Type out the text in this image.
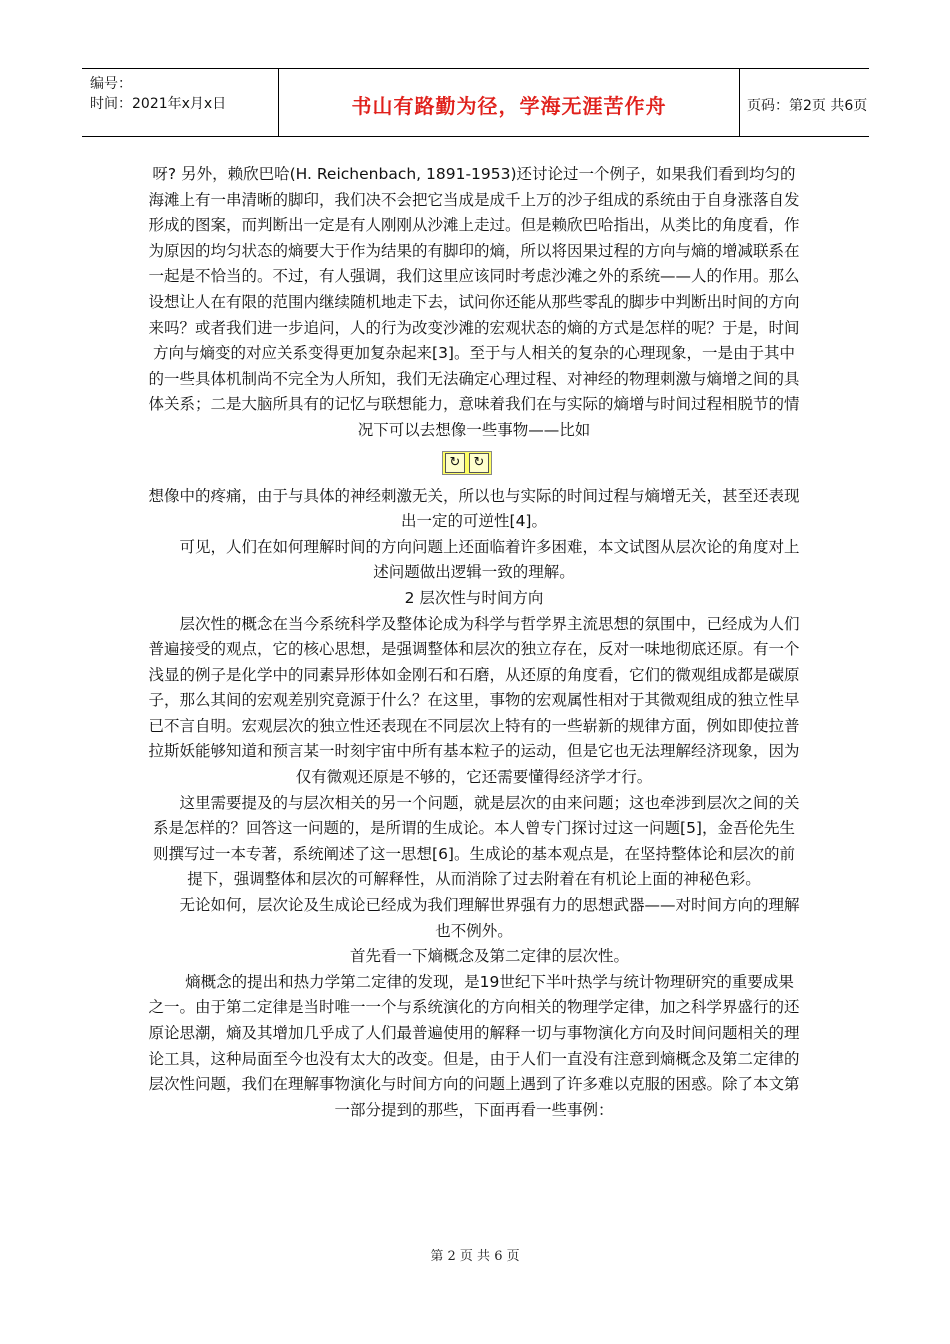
编号：
时间：2021年x月x日	书山有路勤为径，学海无涯苦作舟	页码：第2页 共6页

呀? 另外，赖欣巴哈(H. Reichenbach, 1891-1953)还讨论过一个例子，如果我们看到均匀的海滩上有一串清晰的脚印，我们决不会把它当成是成千上万的沙子组成的系统由于自身涨落自发形成的图案，而判断出一定是有人刚刚从沙滩上走过。但是赖欣巴哈指出，从类比的角度看，作为原因的均匀状态的熵要大于作为结果的有脚印的熵，所以将因果过程的方向与熵的增减联系在一起是不恰当的。不过，有人强调，我们这里应该同时考虑沙滩之外的系统——人的作用。那么设想让人在有限的范围内继续随机地走下去，试问你还能从那些零乱的脚步中判断出时间的方向来吗？或者我们进一步追问，人的行为改变沙滩的宏观状态的熵的方式是怎样的呢？于是，时间方向与熵变的对应关系变得更加复杂起来[3]。至于与人相关的复杂的心理现象，一是由于其中的一些具体机制尚不完全为人所知，我们无法确定心理过程、对神经的物理刺激与熵增之间的具体关系；二是大脑所具有的记忆与联想能力，意味着我们在与实际的熵增与时间过程相脱节的情况下可以去想像一些事物——比如

↻	↻

想像中的疼痛，由于与具体的神经刺激无关，所以也与实际的时间过程与熵增无关，甚至还表现出一定的可逆性[4]。

可见，人们在如何理解时间的方向问题上还面临着许多困难，本文试图从层次论的角度对上述问题做出逻辑一致的理解。

2 层次性与时间方向

层次性的概念在当今系统科学及整体论成为科学与哲学界主流思想的氛围中，已经成为人们普遍接受的观点，它的核心思想，是强调整体和层次的独立存在，反对一味地彻底还原。有一个浅显的例子是化学中的同素异形体如金刚石和石磨，从还原的角度看，它们的微观组成都是碳原子，那么其间的宏观差别究竟源于什么？在这里，事物的宏观属性相对于其微观组成的独立性早已不言自明。宏观层次的独立性还表现在不同层次上特有的一些崭新的规律方面，例如即使拉普拉斯妖能够知道和预言某一时刻宇宙中所有基本粒子的运动，但是它也无法理解经济现象，因为仅有微观还原是不够的，它还需要懂得经济学才行。

这里需要提及的与层次相关的另一个问题，就是层次的由来问题；这也牵涉到层次之间的关系是怎样的？回答这一问题的，是所谓的生成论。本人曾专门探讨过这一问题[5]，金吾伦先生则撰写过一本专著，系统阐述了这一思想[6]。生成论的基本观点是，在坚持整体论和层次的前提下，强调整体和层次的可解释性，从而消除了过去附着在有机论上面的神秘色彩。

无论如何，层次论及生成论已经成为我们理解世界强有力的思想武器——对时间方向的理解也不例外。

首先看一下熵概念及第二定律的层次性。

熵概念的提出和热力学第二定律的发现，是19世纪下半叶热学与统计物理研究的重要成果之一。由于第二定律是当时唯一一个与系统演化的方向相关的物理学定律，加之科学界盛行的还原论思潮，熵及其增加几乎成了人们最普遍使用的解释一切与事物演化方向及时间问题相关的理论工具，这种局面至今也没有太大的改变。但是，由于人们一直没有注意到熵概念及第二定律的层次性问题，我们在理解事物演化与时间方向的问题上遇到了许多难以克服的困惑。除了本文第一部分提到的那些，下面再看一些事例：

第 2 页 共 6 页
